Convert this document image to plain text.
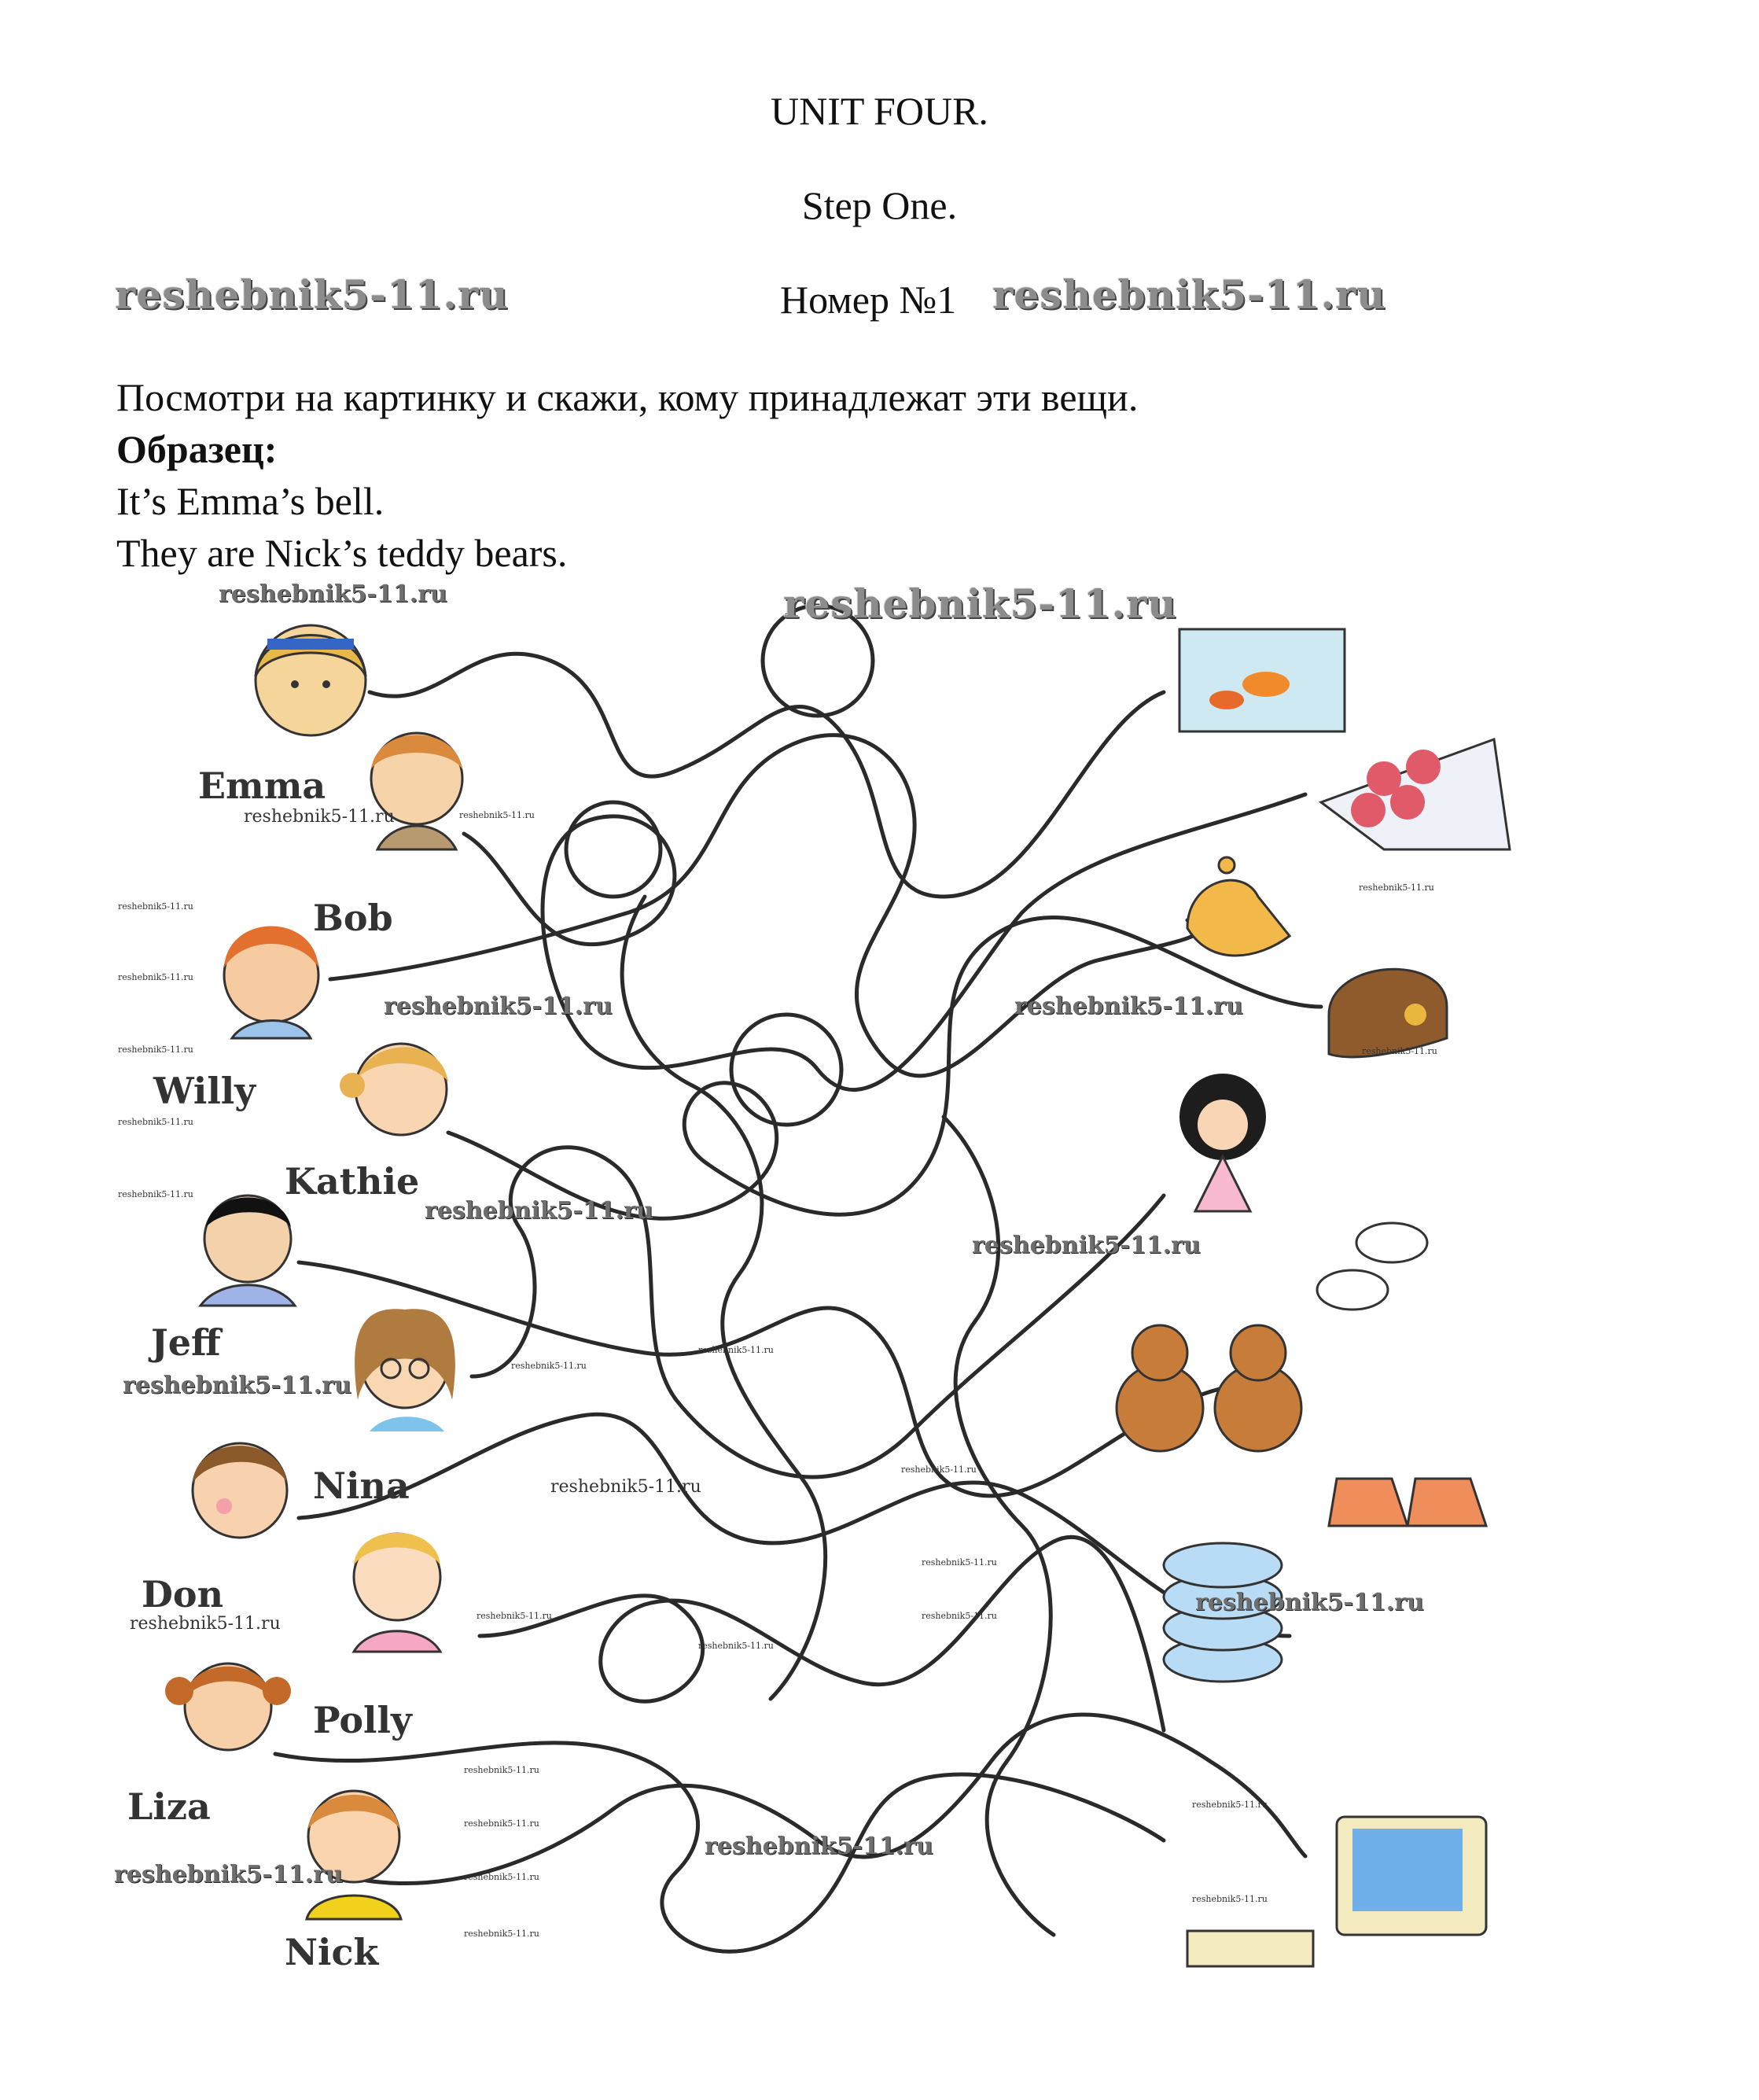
UNIT FOUR.
Step One.
Номер №1
reshebnik5-11.ru	reshebnik5-11.ru
Посмотри на картинку и скажи, кому принадлежат эти вещи.
Образец:
It’s Emma’s bell.
They are Nick’s teddy bears.
Emma
Bob
Willy
Kathie
Jeff
Nina
Don
Polly
Liza
Nick
reshebnik5-11.ru	reshebnik5-11.ru
reshebnik5-11.ru	reshebnik5-11.ru
reshebnik5-11.ru
reshebnik5-11.ru
reshebnik5-11.ru
reshebnik5-11.ru	reshebnik5-11.ru
reshebnik5-11.ru
reshebnik5-11.ru
reshebnik5-11.ru
reshebnik5-11.ru
reshebnik5-11.ru
reshebnik5-11.ru
reshebnik5-11.ru
reshebnik5-11.ru
reshebnik5-11.ru
reshebnik5-11.ru
reshebnik5-11.ru
reshebnik5-11.ru
reshebnik5-11.ru	reshebnik5-11.ru
reshebnik5-11.ru	reshebnik5-11.ru
reshebnik5-11.ru
reshebnik5-11.ru
reshebnik5-11.ru
reshebnik5-11.ru
reshebnik5-11.ru
reshebnik5-11.ru	reshebnik5-11.ru
reshebnik5-11.ru
reshebnik5-11.ru
